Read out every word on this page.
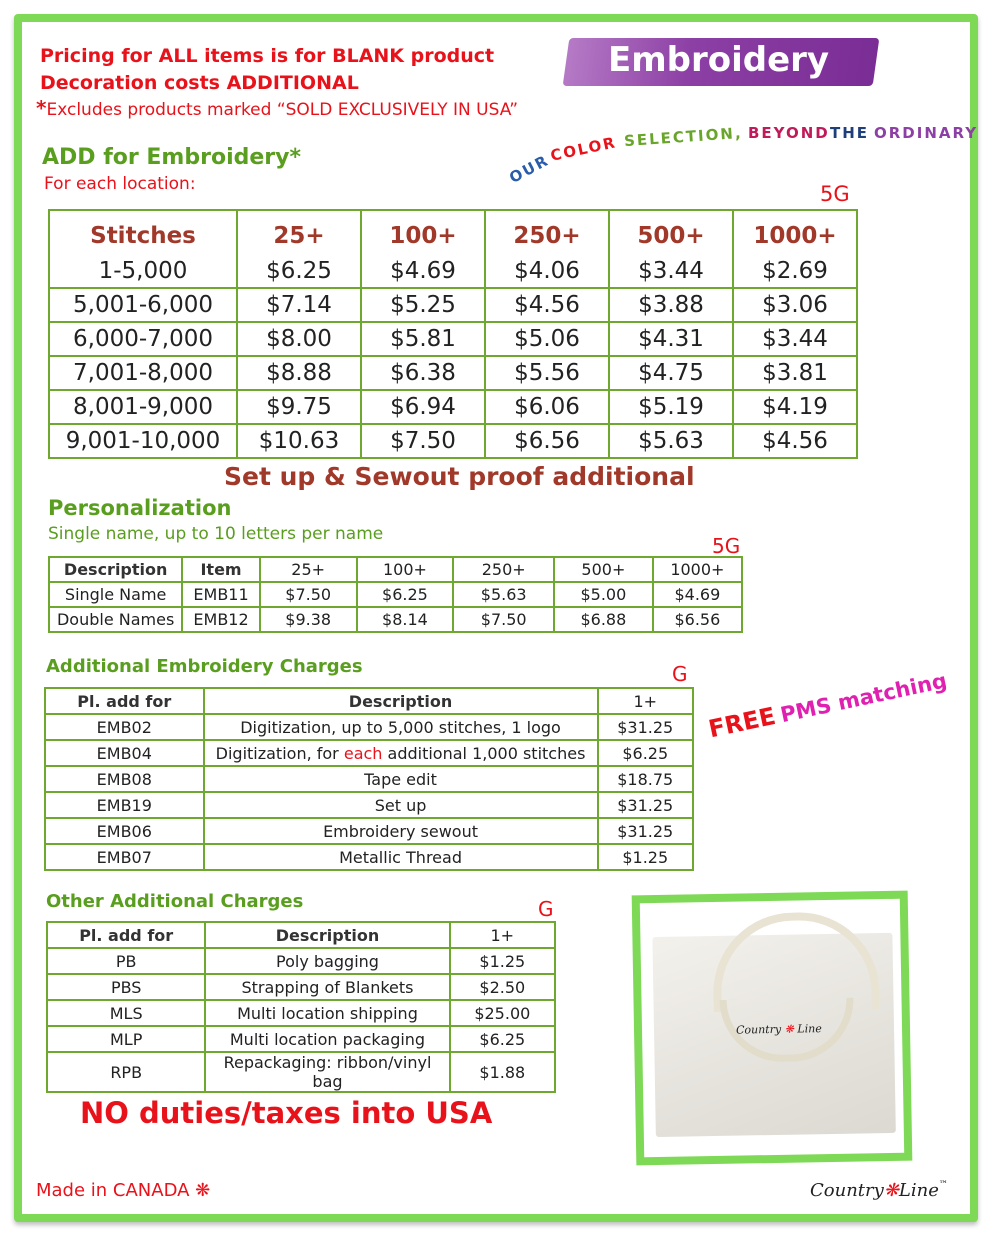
Pricing for ALL items is for BLANK product
Decoration costs ADDITIONAL
*Excludes products marked “SOLD EXCLUSIVELY IN USA”
Embroidery
OUR
COLOR SELECTION, BEYOND THE ORDINARY
ADD for Embroidery*
For each location:	5G
Stitches	25+	100+	250+	500+	1000+
1-5,000	$6.25	$4.69	$4.06	$3.44	$2.69
5,001-6,000	$7.14	$5.25	$4.56	$3.88	$3.06
6,000-7,000	$8.00	$5.81	$5.06	$4.31	$3.44
7,001-8,000	$8.88	$6.38	$5.56	$4.75	$3.81
8,001-9,000	$9.75	$6.94	$6.06	$5.19	$4.19
9,001-10,000	$10.63	$7.50	$6.56	$5.63	$4.56
Set up & Sewout proof additional
Personalization
Single name, up to 10 letters per name	5G
Description	Item	25+	100+	250+	500+	1000+
Single Name	EMB11	$7.50	$6.25	$5.63	$5.00	$4.69
Double Names	EMB12	$9.38	$8.14	$7.50	$6.88	$6.56
Additional Embroidery Charges	G
Pl. add for	Description	1+
EMB02	Digitization, up to 5,000 stitches, 1 logo	$31.25
EMB04	Digitization, for each additional 1,000 stitches	$6.25
EMB08	Tape edit	$18.75
EMB19	Set up	$31.25
EMB06	Embroidery sewout	$31.25
EMB07	Metallic Thread	$1.25
FREE PMS matching
Other Additional Charges	G
Pl. add for	Description	1+
PB	Poly bagging	$1.25
PBS	Strapping of Blankets	$2.50
MLS	Multi location shipping	$25.00
MLP	Multi location packaging	$6.25
RPB	Repackaging: ribbon/vinyl bag	$1.88
Country ❋ Line
NO duties/taxes into USA
Made in CANADA ❋	Country❋Line™
